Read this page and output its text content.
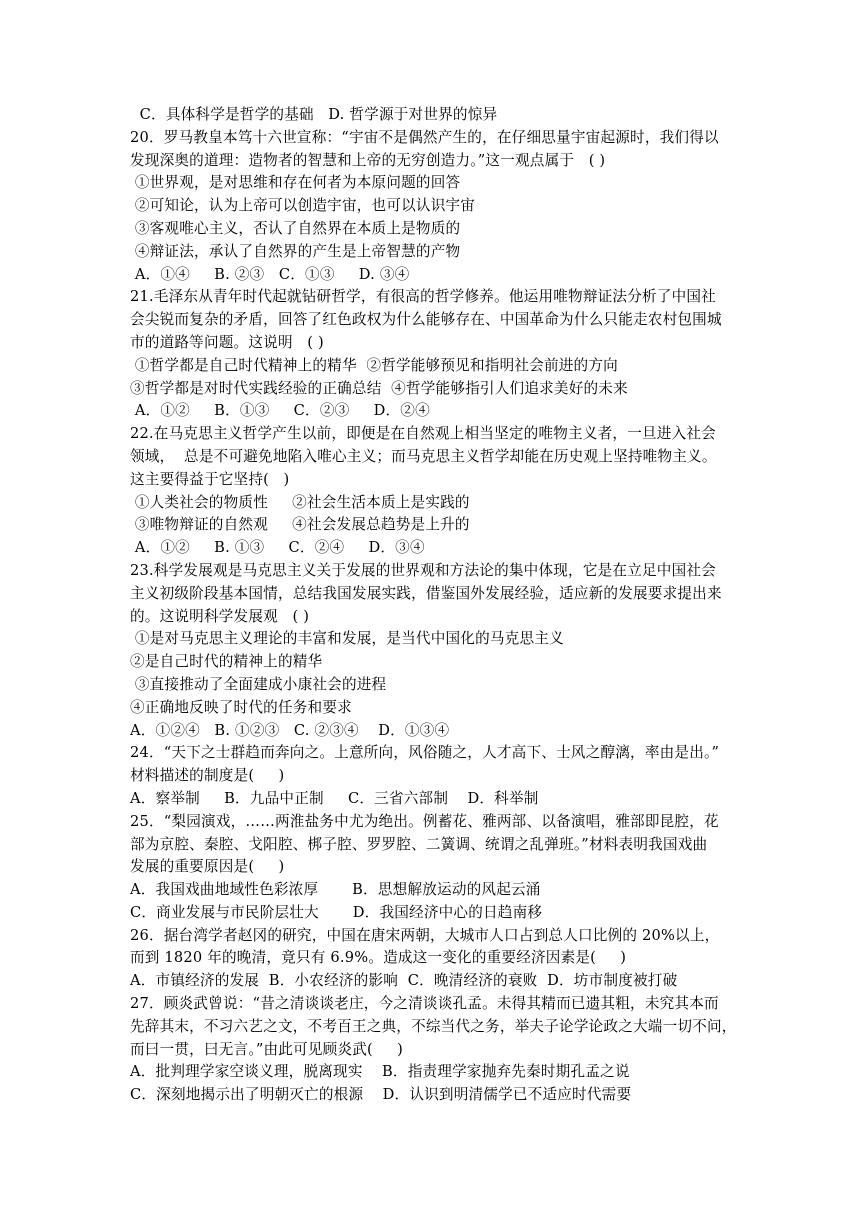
C．具体科学是哲学的基础   D. 哲学源于对世界的惊异
20．罗马教皇本笃十六世宣称：“宇宙不是偶然产生的，在仔细思量宇宙起源时，我们得以
发现深奥的道理：造物者的智慧和上帝的无穷创造力。”这一观点属于   ( )
①世界观，是对思维和存在何者为本原问题的回答
②可知论，认为上帝可以创造宇宙，也可以认识宇宙
③客观唯心主义，否认了自然界在本质上是物质的
④辩证法，承认了自然界的产生是上帝智慧的产物
A．①④     B. ②③   C．①③     D. ③④
21.毛泽东从青年时代起就钻研哲学，有很高的哲学修养。他运用唯物辩证法分析了中国社
会尖锐而复杂的矛盾，回答了红色政权为什么能够存在、中国革命为什么只能走农村包围城
市的道路等问题。这说明   ( )
①哲学都是自己时代精神上的精华  ②哲学能够预见和指明社会前进的方向
③哲学都是对时代实践经验的正确总结  ④哲学能够指引人们追求美好的未来
A．①②     B．①③     C．②③     D．②④
22.在马克思主义哲学产生以前，即便是在自然观上相当坚定的唯物主义者，一旦进入社会
领域，  总是不可避免地陷入唯心主义；而马克思主义哲学却能在历史观上坚持唯物主义。
这主要得益于它坚持(   )
①人类社会的物质性     ②社会生活本质上是实践的
③唯物辩证的自然观     ④社会发展总趋势是上升的
A．①②     B. ①③     C．②④     D．③④
23.科学发展观是马克思主义关于发展的世界观和方法论的集中体现，它是在立足中国社会
主义初级阶段基本国情，总结我国发展实践，借鉴国外发展经验，适应新的发展要求提出来
的。这说明科学发展观   ( )
①是对马克思主义理论的丰富和发展，是当代中国化的马克思主义
②是自己时代的精神上的精华
③直接推动了全面建成小康社会的进程
④正确地反映了时代的任务和要求
A．①②④   B. ①②③   C. ②③④    D．①③④
24．“天下之士群趋而奔向之。上意所向，风俗随之，人才高下、士风之醇漓，率由是出。”
材料描述的制度是(     )
A．察举制     B．九品中正制     C．三省六部制    D．科举制
25．“梨园演戏，……两淮盐务中尤为绝出。例蓄花、雅两部、以备演唱，雅部即昆腔，花
部为京腔、秦腔、戈阳腔、梆子腔、罗罗腔、二簧调、统谓之乱弹班。”材料表明我国戏曲
发展的重要原因是(     )
A．我国戏曲地域性色彩浓厚       B．思想解放运动的风起云涌
C．商业发展与市民阶层壮大       D．我国经济中心的日趋南移
26．据台湾学者赵冈的研究，中国在唐宋两朝，大城市人口占到总人口比例的 20%以上，
而到 1820 年的晚清，竟只有 6.9%。造成这一变化的重要经济因素是(     )
A．市镇经济的发展  B．小农经济的影响  C．晚清经济的衰败  D．坊市制度被打破
27．顾炎武曾说：“昔之清谈谈老庄，今之清谈谈孔孟。未得其精而已遗其粗，未究其本而
先辞其末，不习六艺之文，不考百王之典，不综当代之务，举夫子论学论政之大端一切不问，
而曰一贯，曰无言。”由此可见顾炎武(     )
A．批判理学家空谈义理，脱离现实    B．指责理学家抛弃先秦时期孔孟之说
C．深刻地揭示出了明朝灭亡的根源    D．认识到明清儒学已不适应时代需要
